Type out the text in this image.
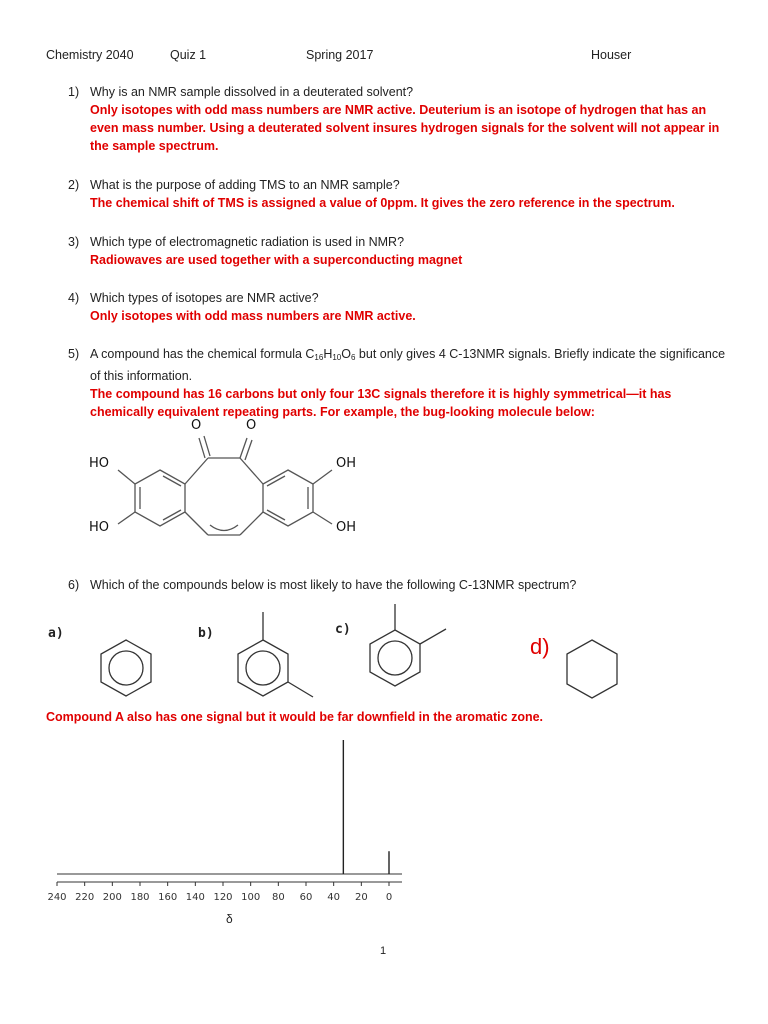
Chemistry 2040	Quiz 1	Spring 2017	Houser
1) Why is an NMR sample dissolved in a deuterated solvent?
Only isotopes with odd mass numbers are NMR active. Deuterium is an isotope of hydrogen that has an even mass number. Using a deuterated solvent insures hydrogen signals for the solvent will not appear in the sample spectrum.
2) What is the purpose of adding TMS to an NMR sample?
The chemical shift of TMS is assigned a value of 0ppm. It gives the zero reference in the spectrum.
3) Which type of electromagnetic radiation is used in NMR?
Radiowaves are used together with a superconducting magnet
4) Which types of isotopes are NMR active?
Only isotopes with odd mass numbers are NMR active.
5) A compound has the chemical formula $C_{16}H_{10}O_6$ but only gives 4 C-13NMR signals. Briefly indicate the significance of this information.
The compound has 16 carbons but only four 13C signals therefore it is highly symmetrical—it has chemically equivalent repeating parts. For example, the bug-looking molecule below:
O	O
HO
HO
OH
OH
6) Which of the compounds below is most likely to have the following C-13NMR spectrum?
a)	b)	c)
d)
Compound A also has one signal but it would be far downfield in the aromatic zone.
240 220 200 180 160 140 120 100 80 60 40 20 0
δ
1
